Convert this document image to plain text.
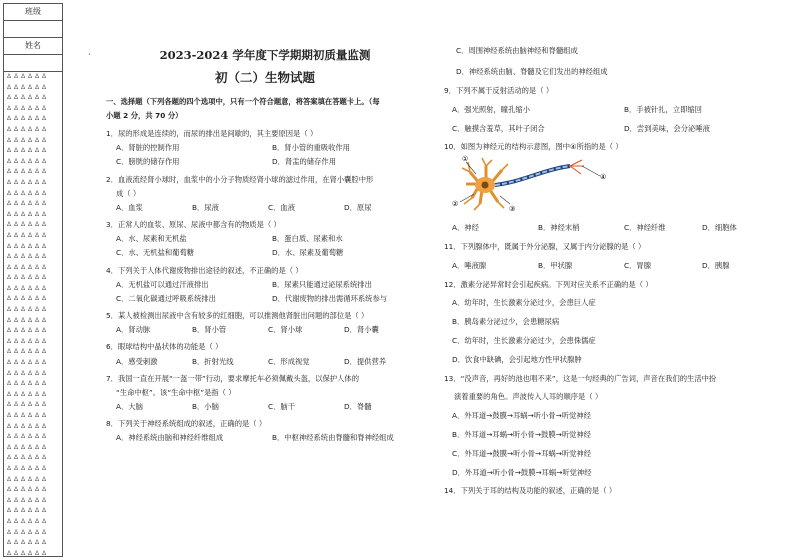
班级
姓名
Δ Δ Δ Δ Δ Δ
Δ Δ Δ Δ Δ Δ
Δ Δ Δ Δ Δ Δ
Δ Δ Δ Δ Δ Δ
Δ Δ Δ Δ Δ Δ
Δ Δ Δ Δ Δ Δ
Δ Δ Δ Δ Δ Δ
Δ Δ Δ Δ Δ Δ
Δ Δ Δ Δ Δ Δ
Δ Δ Δ Δ Δ Δ
Δ Δ Δ Δ Δ Δ
Δ Δ Δ Δ Δ Δ
Δ Δ Δ Δ Δ Δ
Δ Δ Δ Δ Δ Δ
Δ Δ Δ Δ Δ Δ
Δ Δ Δ Δ Δ Δ
Δ Δ Δ Δ Δ Δ
Δ Δ Δ Δ Δ Δ
Δ Δ Δ Δ Δ Δ
Δ Δ Δ Δ Δ Δ
Δ Δ Δ Δ Δ Δ
Δ Δ Δ Δ Δ Δ
Δ Δ Δ Δ Δ Δ
Δ Δ Δ Δ Δ Δ
Δ Δ Δ Δ Δ Δ
Δ Δ Δ Δ Δ Δ
Δ Δ Δ Δ Δ Δ
Δ Δ Δ Δ Δ Δ
Δ Δ Δ Δ Δ Δ
Δ Δ Δ Δ Δ Δ
Δ Δ Δ Δ Δ Δ
Δ Δ Δ Δ Δ Δ
Δ Δ Δ Δ Δ Δ
Δ Δ Δ Δ Δ Δ
Δ Δ Δ Δ Δ Δ
Δ Δ Δ Δ Δ Δ
Δ Δ Δ Δ Δ Δ
Δ Δ Δ Δ Δ Δ
Δ Δ Δ Δ Δ Δ
Δ Δ Δ Δ Δ Δ
Δ Δ Δ Δ Δ Δ
Δ Δ Δ Δ Δ Δ
Δ Δ Δ Δ Δ Δ
Δ Δ Δ Δ Δ Δ
Δ Δ Δ Δ Δ Δ
Δ Δ Δ Δ Δ Δ
•	2023-2024 学年度下学期期初质量监测
初（二）生物试题
一、选择题（下列各题的四个选项中，只有一个符合题意，将答案填在答题卡上。（每
小题 2 分，共 70 分）
1．尿的形成是连续的，而尿的排出是间歇的，其主要原因是（ ）
A．肾脏的控制作用	B．肾小管的重吸收作用
C．膀胱的储存作用	D．肾盂的储存作用
2．血液流经肾小球时，血浆中的小分子物质经肾小球的滤过作用，在肾小囊腔中形
成（ ）
A．血浆	B．尿液	C．血液	D．原尿
3．正常人的血浆、原尿、尿液中都含有的物质是（ ）
A．水、尿素和无机盐	B．蛋白质、尿素和水
C．水、无机盐和葡萄糖	D．水、尿素及葡萄糖
4．下列关于人体代谢废物排出途径的叙述，不正确的是（ ）
A．无机盐可以通过汗液排出	B．尿素只能通过泌尿系统排出
C．二氧化碳通过呼吸系统排出	D．代谢废物的排出需循环系统参与
5．某人被检测出尿液中含有较多的红细胞，可以推测他肾脏出问题的部位是（ ）
A．肾动脉	B．肾小管	C．肾小球	D．肾小囊
6．眼球结构中晶状体的功能是（ ）
A．感受刺激	B．折射光线	C．形成视觉	D．提供营养
7．我国一直在开展“一盔一带”行动，要求摩托车必须佩戴头盔，以保护人体的
“生命中枢”。该“生命中枢”是指（ ）
A．大脑	B．小脑	C．脑干	D．脊髓
8．下列关于神经系统组成的叙述，正确的是（ ）
A．神经系统由脑和神经纤维组成	B．中枢神经系统由脊髓和脊神经组成
C．周围神经系统由脑神经和脊髓组成
D．神经系统由脑、脊髓及它们发出的神经组成
9．下列不属于反射活动的是（ ）
A．强光照射，瞳孔缩小	B．手被针扎，立即缩回
C．触摸含羞草，其叶子闭合	D．尝到美味，会分泌唾液
10．如图为神经元的结构示意图，图中④所指的是（ ）
A．神经	B．神经末梢	C．神经纤维	D．细胞体
11．下列腺体中，既属于外分泌腺，又属于内分泌腺的是（ ）
A．唾液腺	B．甲状腺	C．胃腺	D．胰腺
12．激素分泌异常时会引起疾病。下列对应关系不正确的是（ ）
A．幼年时，生长激素分泌过少，会患巨人症
B．胰岛素分泌过少，会患糖尿病
C．幼年时，生长激素分泌过少，会患侏儒症
D．饮食中缺碘，会引起地方性甲状腺肿
13．“没声音，再好的池也唱不来”，这是一句经典的广告词，声音在我们的生活中扮
演着重要的角色。声波传入人耳的顺序是（ ）
A．外耳道→鼓膜→耳蜗→听小骨→听觉神经
B．外耳道→耳蜗→听小骨→鼓膜→听觉神经
C．外耳道→鼓膜→听小骨→耳蜗→听觉神经
D．外耳道→听小骨→鼓膜→耳蜗→听觉神经
14．下列关于耳的结构及功能的叙述，正确的是（ ）
①
②
③
④
